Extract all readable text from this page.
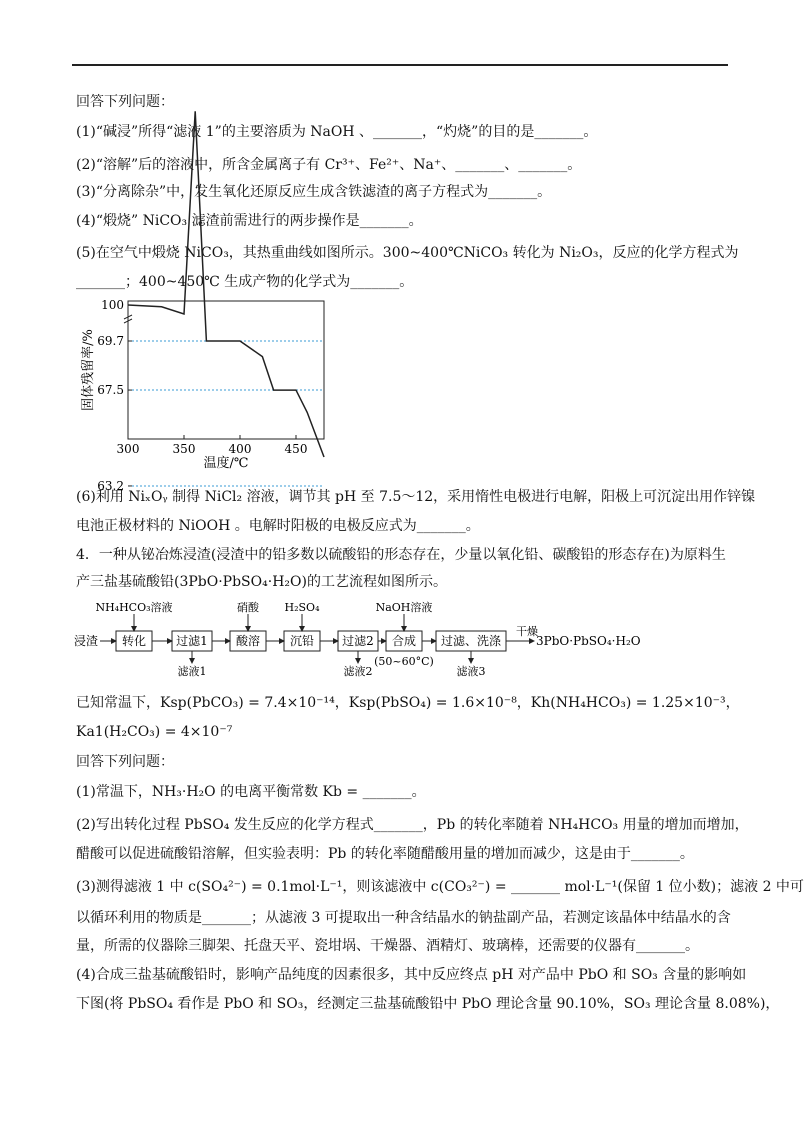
回答下列问题：
(1)“碱浸”所得“滤液 1”的主要溶质为 NaOH 、_______，“灼烧”的目的是_______。
(2)“溶解”后的溶液中，所含金属离子有 Cr³⁺、Fe²⁺、Na⁺、_______、_______。
(3)“分离除杂”中，发生氧化还原反应生成含铁滤渣的离子方程式为_______。
(4)“煅烧” NiCO₃ 滤渣前需进行的两步操作是_______。
(5)在空气中煅烧 NiCO₃，其热重曲线如图所示。300~400℃NiCO₃ 转化为 Ni₂O₃，反应的化学方程式为
_______；400~450℃ 生成产物的化学式为_______。
100
69.7
67.5
63.2
300	350	400	450
固体残留率/%
温度/℃
(6)利用 NiₓOᵧ 制得 NiCl₂ 溶液，调节其 pH 至 7.5～12，采用惰性电极进行电解，阳极上可沉淀出用作锌镍
电池正极材料的 NiOOH 。电解时阳极的电极反应式为_______。
4．一种从铋冶炼浸渣(浸渣中的铅多数以硫酸铅的形态存在，少量以氧化铅、碳酸铅的形态存在)为原料生
产三盐基硫酸铅(3PbO·PbSO₄·H₂O)的工艺流程如图所示。
浸渣 转化	过滤1 酸溶 沉铅 过滤2 合成 过滤、洗涤
NH₄HCO₃溶液	硝酸 H₂SO₄	NaOH溶液
滤液1	滤液2
(50~60°C)
滤液3
干燥
3PbO·PbSO₄·H₂O
已知常温下，Ksp(PbCO₃) = 7.4×10⁻¹⁴，Ksp(PbSO₄) = 1.6×10⁻⁸，Kh(NH₄HCO₃) = 1.25×10⁻³，
Ka1(H₂CO₃) = 4×10⁻⁷
回答下列问题：
(1)常温下，NH₃·H₂O 的电离平衡常数 Kb = _______。
(2)写出转化过程 PbSO₄ 发生反应的化学方程式_______，Pb 的转化率随着 NH₄HCO₃ 用量的增加而增加，
醋酸可以促进硫酸铅溶解，但实验表明：Pb 的转化率随醋酸用量的增加而减少，这是由于_______。
(3)测得滤液 1 中 c(SO₄²⁻) = 0.1mol·L⁻¹，则该滤液中 c(CO₃²⁻) = _______ mol·L⁻¹(保留 1 位小数)；滤液 2 中可
以循环利用的物质是_______；从滤液 3 可提取出一种含结晶水的钠盐副产品，若测定该晶体中结晶水的含
量，所需的仪器除三脚架、托盘天平、瓷坩埚、干燥器、酒精灯、玻璃棒，还需要的仪器有_______。
(4)合成三盐基硫酸铅时，影响产品纯度的因素很多，其中反应终点 pH 对产品中 PbO 和 SO₃ 含量的影响如
下图(将 PbSO₄ 看作是 PbO 和 SO₃，经测定三盐基硫酸铅中 PbO 理论含量 90.10%，SO₃ 理论含量 8.08%)，
